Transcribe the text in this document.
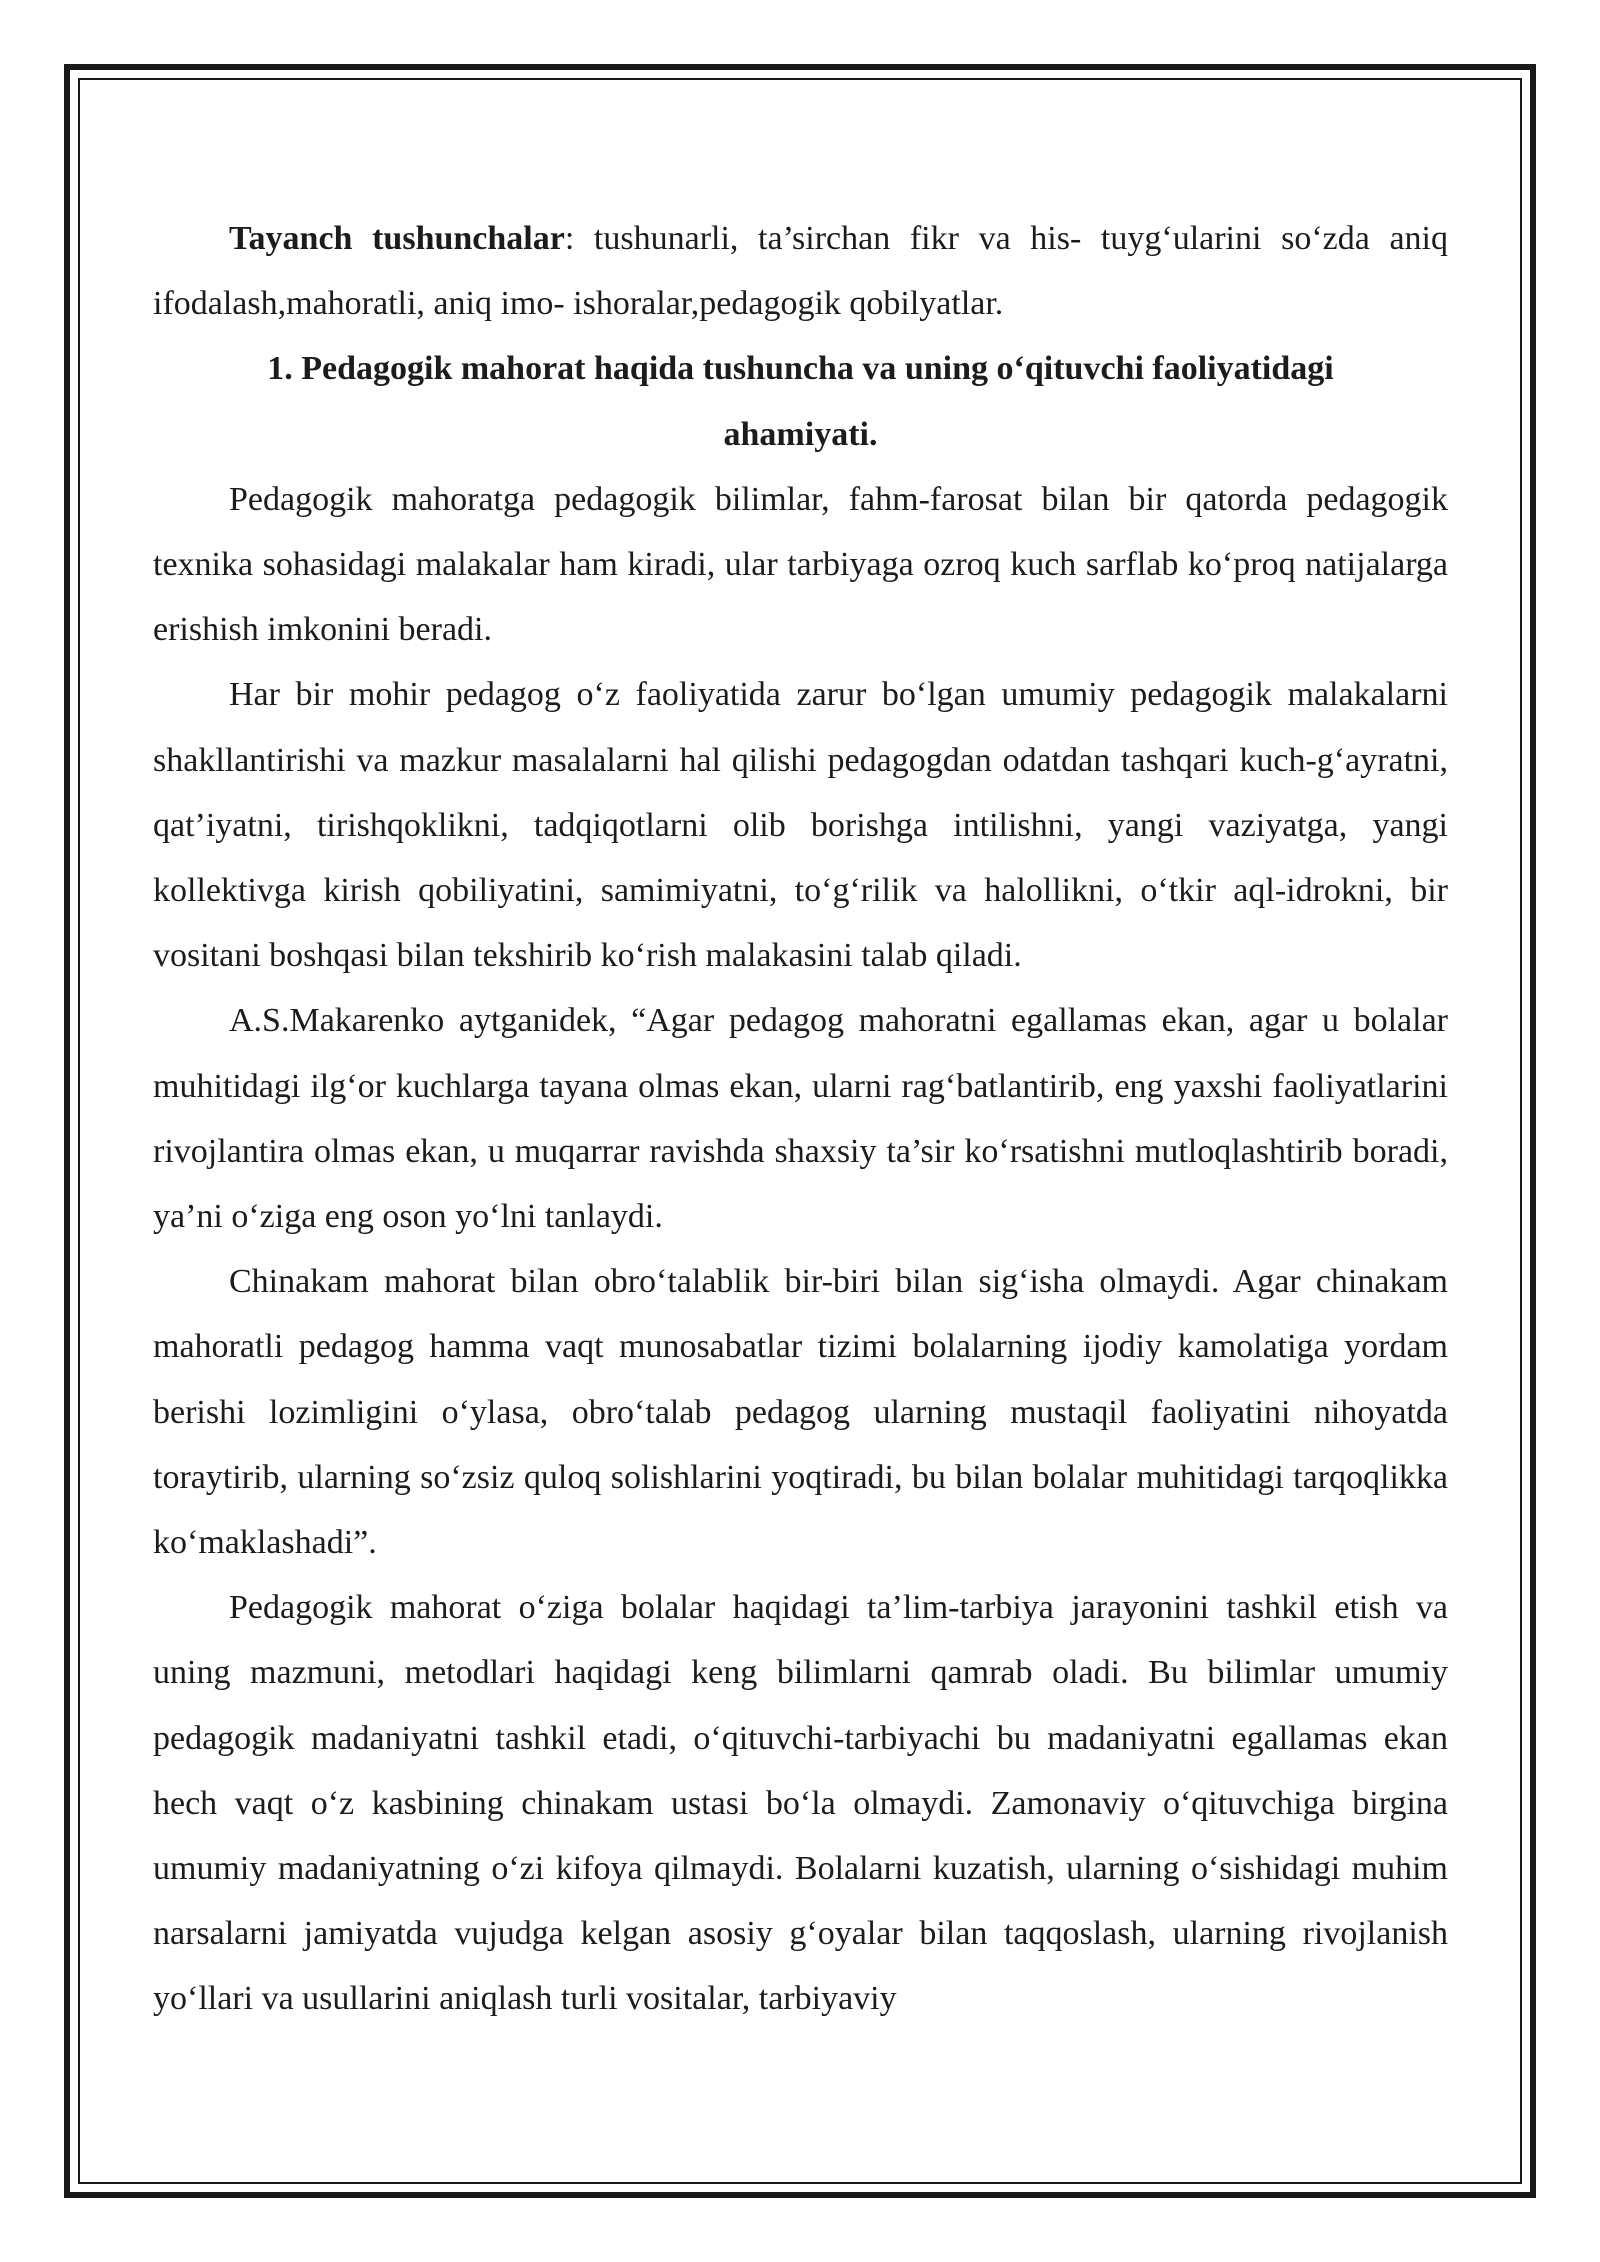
Tayanch tushunchalar: tushunarli, ta’sirchan fikr va his- tuyg‘ularini so‘zda aniq ifodalash,mahoratli, aniq imo- ishoralar,pedagogik qobilyatlar.

1. Pedagogik mahorat haqida tushuncha va uning o‘qituvchi faoliyatidagi ahamiyati.

Pedagogik mahoratga pedagogik bilimlar, fahm-farosat bilan bir qatorda pedagogik texnika sohasidagi malakalar ham kiradi, ular tarbiyaga ozroq kuch sarflab ko‘proq natijalarga erishish imkonini beradi.

Har bir mohir pedagog o‘z faoliyatida zarur bo‘lgan umumiy pedagogik malakalarni shakllantirishi va mazkur masalalarni hal qilishi pedagogdan odatdan tashqari kuch-g‘ayratni, qat’iyatni, tirishqoklikni, tadqiqotlarni olib borishga intilishni, yangi vaziyatga, yangi kollektivga kirish qobiliyatini, samimiyatni, to‘g‘rilik va halollikni, o‘tkir aql-idrokni, bir vositani boshqasi bilan tekshirib ko‘rish malakasini talab qiladi.

A.S.Makarenko aytganidek, “Agar pedagog mahoratni egallamas ekan, agar u bolalar muhitidagi ilg‘or kuchlarga tayana olmas ekan, ularni rag‘batlantirib, eng yaxshi faoliyatlarini rivojlantira olmas ekan, u muqarrar ravishda shaxsiy ta’sir ko‘rsatishni mutloqlashtirib boradi, ya’ni o‘ziga eng oson yo‘lni tanlaydi.

Chinakam mahorat bilan obro‘talablik bir-biri bilan sig‘isha olmaydi. Agar chinakam mahoratli pedagog hamma vaqt munosabatlar tizimi bolalarning ijodiy kamolatiga yordam berishi lozimligini o‘ylasa, obro‘talab pedagog ularning mustaqil faoliyatini nihoyatda toraytirib, ularning so‘zsiz quloq solishlarini yoqtiradi, bu bilan bolalar muhitidagi tarqoqlikka ko‘maklashadi”.

Pedagogik mahorat o‘ziga bolalar haqidagi ta’lim-tarbiya jarayonini tashkil etish va uning mazmuni, metodlari haqidagi keng bilimlarni qamrab oladi. Bu bilimlar umumiy pedagogik madaniyatni tashkil etadi, o‘qituvchi-tarbiyachi bu madaniyatni egallamas ekan hech vaqt o‘z kasbining chinakam ustasi bo‘la olmaydi. Zamonaviy o‘qituvchiga birgina umumiy madaniyatning o‘zi kifoya qilmaydi. Bolalarni kuzatish, ularning o‘sishidagi muhim narsalarni jamiyatda vujudga kelgan asosiy g‘oyalar bilan taqqoslash, ularning rivojlanish yo‘llari va usullarini aniqlash turli vositalar, tarbiyaviy
